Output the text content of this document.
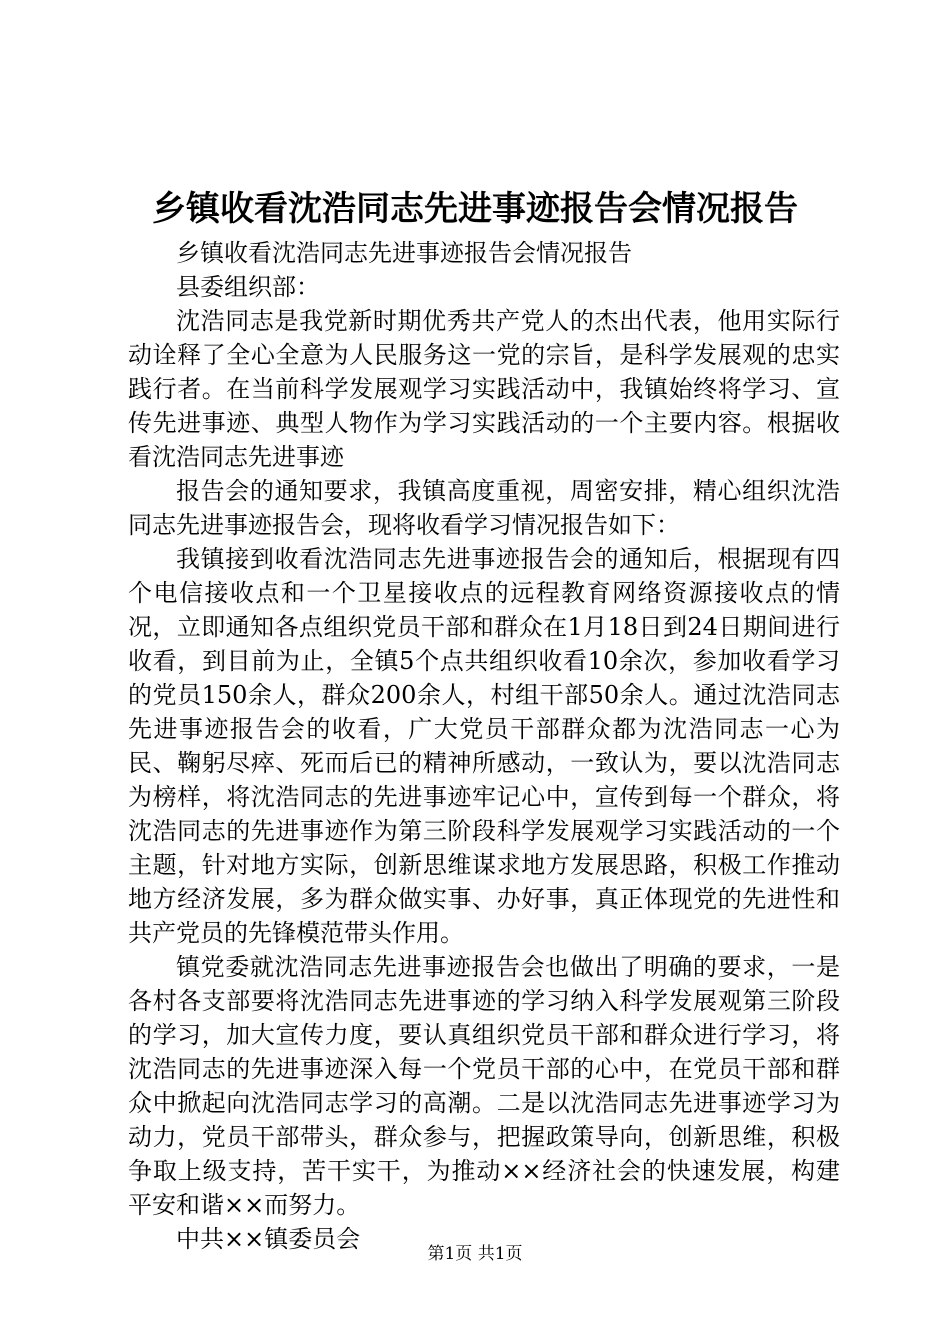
乡镇收看沈浩同志先进事迹报告会情况报告

乡镇收看沈浩同志先进事迹报告会情况报告

县委组织部：

沈浩同志是我党新时期优秀共产党人的杰出代表，他用实际行动诠释了全心全意为人民服务这一党的宗旨，是科学发展观的忠实践行者。在当前科学发展观学习实践活动中，我镇始终将学习、宣传先进事迹、典型人物作为学习实践活动的一个主要内容。根据收看沈浩同志先进事迹

报告会的通知要求，我镇高度重视，周密安排，精心组织沈浩同志先进事迹报告会，现将收看学习情况报告如下：

我镇接到收看沈浩同志先进事迹报告会的通知后，根据现有四个电信接收点和一个卫星接收点的远程教育网络资源接收点的情况，立即通知各点组织党员干部和群众在1月18日到24日期间进行收看，到目前为止，全镇5个点共组织收看10余次，参加收看学习的党员150余人，群众200余人，村组干部50余人。通过沈浩同志先进事迹报告会的收看，广大党员干部群众都为沈浩同志一心为民、鞠躬尽瘁、死而后已的精神所感动，一致认为，要以沈浩同志为榜样，将沈浩同志的先进事迹牢记心中，宣传到每一个群众，将沈浩同志的先进事迹作为第三阶段科学发展观学习实践活动的一个主题，针对地方实际，创新思维谋求地方发展思路，积极工作推动地方经济发展，多为群众做实事、办好事，真正体现党的先进性和共产党员的先锋模范带头作用。

镇党委就沈浩同志先进事迹报告会也做出了明确的要求，一是各村各支部要将沈浩同志先进事迹的学习纳入科学发展观第三阶段的学习，加大宣传力度，要认真组织党员干部和群众进行学习，将沈浩同志的先进事迹深入每一个党员干部的心中，在党员干部和群众中掀起向沈浩同志学习的高潮。二是以沈浩同志先进事迹学习为动力，党员干部带头，群众参与，把握政策导向，创新思维，积极争取上级支持，苦干实干，为推动××经济社会的快速发展，构建平安和谐××而努力。

中共××镇委员会

第1页 共1页
